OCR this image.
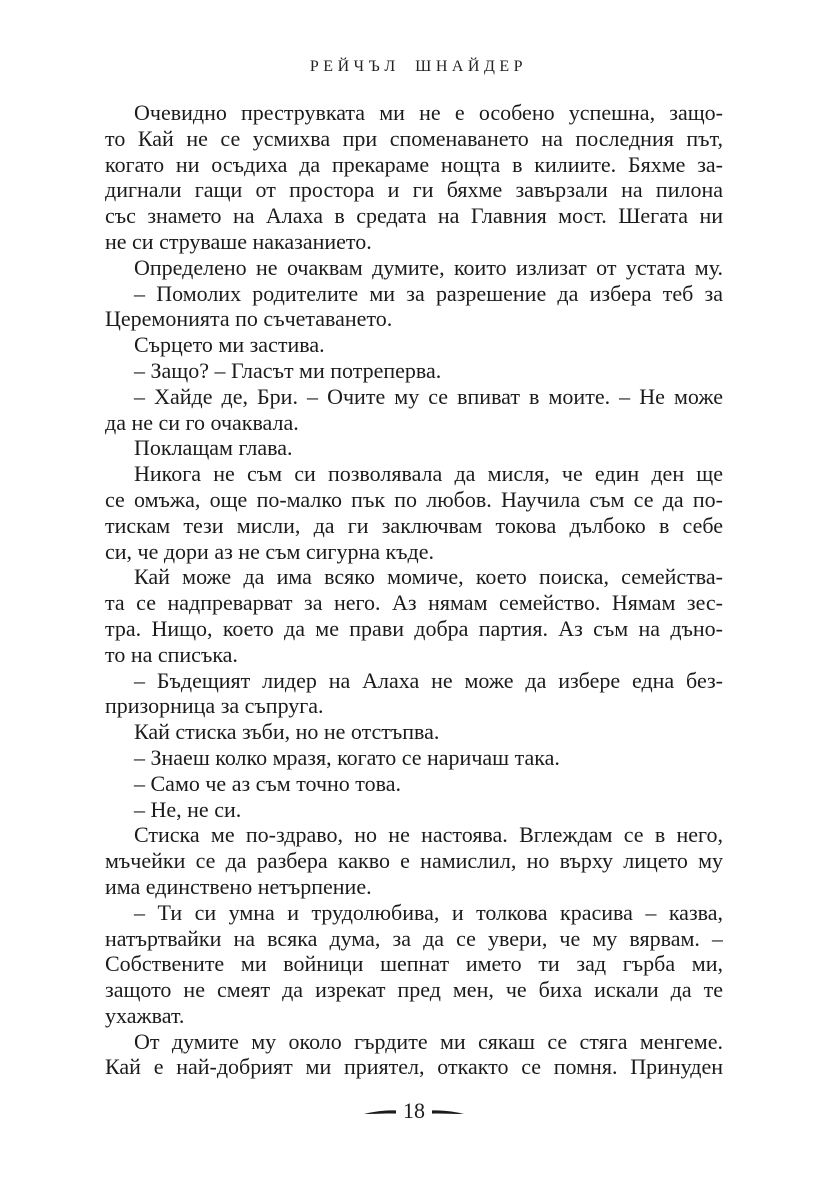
РЕЙЧЪЛ ШНАЙДЕР
Очевидно преструвката ми не е особено успешна, защо-
то Кай не се усмихва при споменаването на последния път,
когато ни осъдиха да прекараме нощта в килиите. Бяхме за-
дигнали гащи от простора и ги бяхме завързали на пилона
със знамето на Алаха в средата на Главния мост. Шегата ни
не си струваше наказанието.
Определено не очаквам думите, които излизат от устата му.
– Помолих родителите ми за разрешение да избера теб за
Церемонията по съчетаването.
Сърцето ми застива.
– Защо? – Гласът ми потреперва.
– Хайде де, Бри. – Очите му се впиват в моите. – Не може
да не си го очаквала.
Поклащам глава.
Никога не съм си позволявала да мисля, че един ден ще
се омъжа, още по-малко пък по любов. Научила съм се да по-
тискам тези мисли, да ги заключвам токова дълбоко в себе
си, че дори аз не съм сигурна къде.
Кай може да има всяко момиче, което поиска, семейства-
та се надпреварват за него. Аз нямам семейство. Нямам зес-
тра. Нищо, което да ме прави добра партия. Аз съм на дъно-
то на списъка.
– Бъдещият лидер на Алаха не може да избере една без-
призорница за съпруга.
Кай стиска зъби, но не отстъпва.
– Знаеш колко мразя, когато се наричаш така.
– Само че аз съм точно това.
– Не, не си.
Стиска ме по-здраво, но не настоява. Вглеждам се в него,
мъчейки се да разбера какво е намислил, но върху лицето му
има единствено нетърпение.
– Ти си умна и трудолюбива, и толкова красива – казва,
натъртвайки на всяка дума, за да се увери, че му вярвам. –
Собствените ми войници шепнат името ти зад гърба ми,
защото не смеят да изрекат пред мен, че биха искали да те
ухажват.
От думите му около гърдите ми сякаш се стяга менгеме.
Кай е най-добрият ми приятел, откакто се помня. Принуден
18
